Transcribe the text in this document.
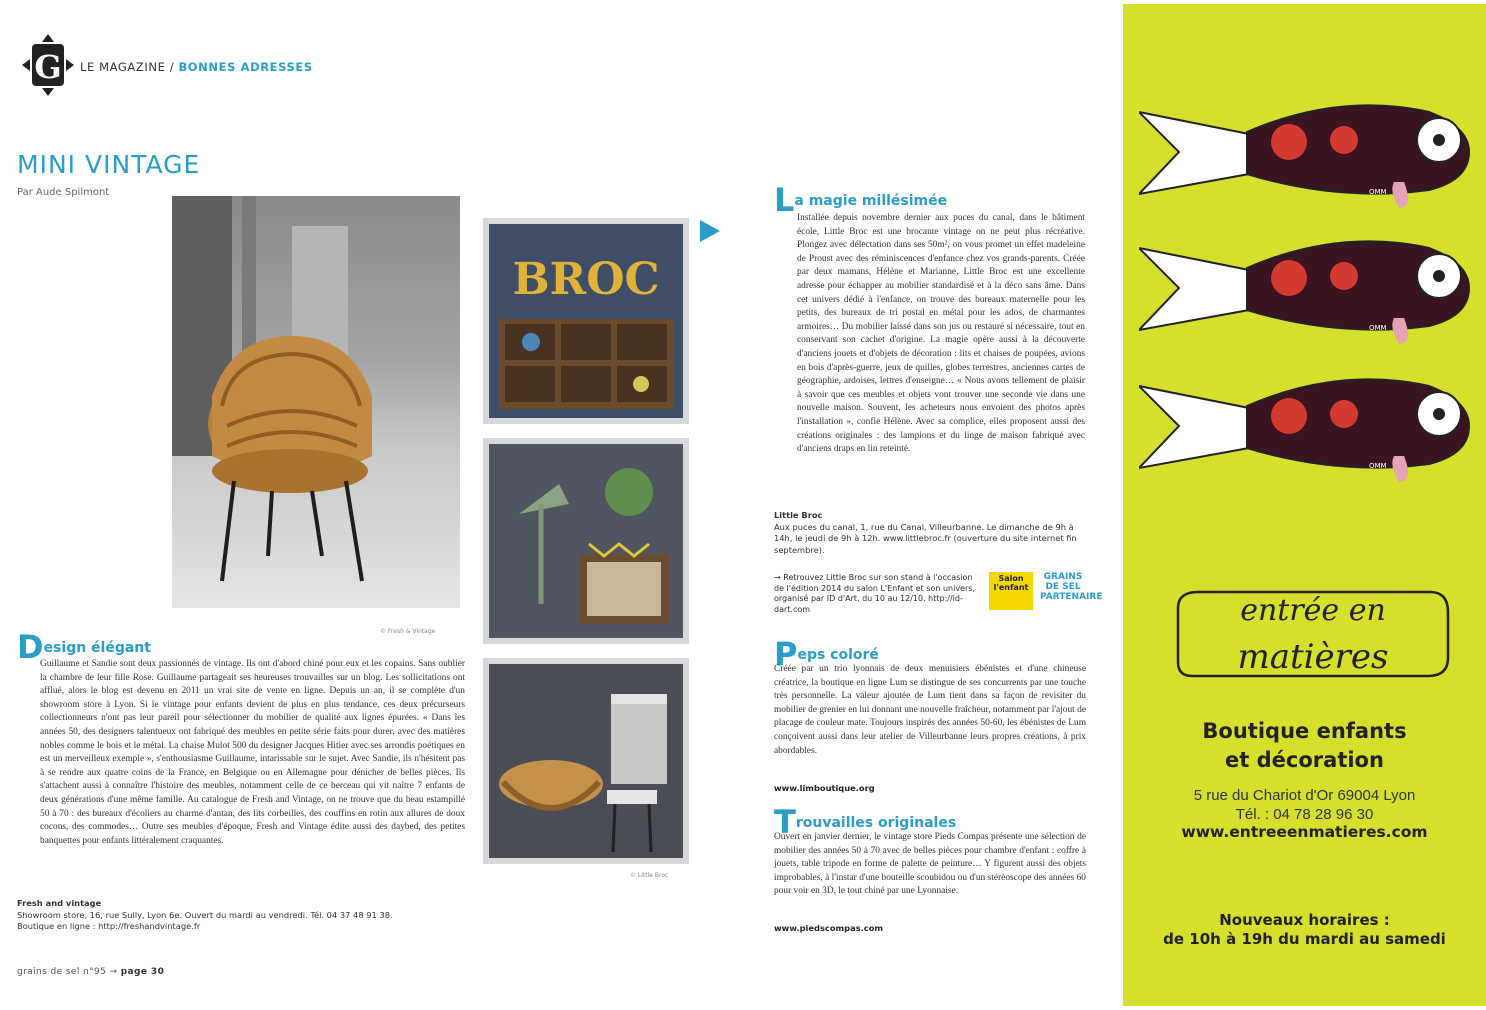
G LE MAGAZINE / BONNES ADRESSES
MINI VINTAGE
Par Aude Spilmont
© Fresh & Vintage
BROC
© Little Broc
Design élégant
Guillaume et Sandie sont deux passionnés de vintage. Ils ont d'abord chiné pour eux et les copains. Sans oublier la chambre de leur fille Rose. Guillaume partageait ses heureuses trouvailles sur un blog. Les sollicitations ont afflué, alors le blog est devenu en 2011 un vrai site de vente en ligne. Depuis un an, il se complète d'un showroom store à Lyon. Si le vintage pour enfants devient de plus en plus tendance, ces deux précurseurs collectionneurs n'ont pas leur pareil pour sélectionner du mobilier de qualité aux lignes épurées. « Dans les années 50, des designers talentueux ont fabriqué des meubles en petite série faits pour durer, avec des matières nobles comme le bois et le métal. La chaise Mulot 500 du designer Jacques Hitier avec ses arrondis poétiques en est un merveilleux exemple », s'enthousiasme Guillaume, intarissable sur le sujet. Avec Sandie, ils n'hésitent pas à se rendre aux quatre coins de la France, en Belgique ou en Allemagne pour dénicher de belles pièces. Ils s'attachent aussi à connaître l'histoire des meubles, notamment celle de ce berceau qui vit naître 7 enfants de deux générations d'une même famille. Au catalogue de Fresh and Vintage, on ne trouve que du beau estampillé 50 à 70 : des bureaux d'écoliers au charme d'antan, des lits corbeilles, des couffins en rotin aux allures de doux cocons, des commodes… Outre ses meubles d'époque, Fresh and Vintage édite aussi des daybed, des petites banquettes pour enfants littéralement craquantes.
Fresh and vintage
Showroom store, 16, rue Sully, Lyon 6e. Ouvert du mardi au vendredi. Tél. 04 37 48 91 38.
Boutique en ligne : http://freshandvintage.fr
La magie millésimée
Installée depuis novembre dernier aux puces du canal, dans le bâtiment école, Little Broc est une brocante vintage on ne peut plus récréative. Plongez avec délectation dans ses 50m², on vous promet un effet madeleine de Proust avec des réminiscences d'enfance chez vos grands-parents. Créée par deux mamans, Hélène et Marianne, Little Broc est une excellente adresse pour échapper au mobilier standardisé et à la déco sans âme. Dans cet univers dédié à l'enfance, on trouve des bureaux maternelle pour les petits, des bureaux de tri postal en métal pour les ados, de charmantes armoires… Du mobilier laissé dans son jus ou restauré si nécessaire, tout en conservant son cachet d'origine. La magie opère aussi à la découverte d'anciens jouets et d'objets de décoration : lits et chaises de poupées, avions en bois d'après-guerre, jeux de quilles, globes terrestres, anciennes cartes de géographie, ardoises, lettres d'enseigne… « Nous avons tellement de plaisir à savoir que ces meubles et objets vont trouver une seconde vie dans une nouvelle maison. Souvent, les acheteurs nous envoient des photos après l'installation », confie Hélène. Avec sa complice, elles proposent aussi des créations originales : des lampions et du linge de maison fabriqué avec d'anciens draps en lin reteinté.
Little Broc
Aux puces du canal, 1, rue du Canal, Villeurbanne. Le dimanche de 9h à 14h, le jeudi de 9h à 12h. www.littlebroc.fr (ouverture du site internet fin septembre).
→ Retrouvez Little Broc sur son stand à l'occasion de l'édition 2014 du salon L'Enfant et son univers, organisé par ID d'Art, du 10 au 12/10. http://id-dart.com
Salon l'enfant
GRAINS DE SEL PARTENAIRE
Peps coloré
Créée par un trio lyonnais de deux menuisiers ébénistes et d'une chineuse créatrice, la boutique en ligne Lum se distingue de ses concurrents par une touche très personnelle. La valeur ajoutée de Lum tient dans sa façon de revisiter du mobilier de grenier en lui donnant une nouvelle fraîcheur, notamment par l'ajout de placage de couleur mate. Toujours inspirés des années 50-60, les ébénistes de Lum conçoivent aussi dans leur atelier de Villeurbanne leurs propres créations, à prix abordables.
www.limboutique.org
Trouvailles originales
Ouvert en janvier dernier, le vintage store Pieds Compas présente une sélection de mobilier des années 50 à 70 avec de belles pièces pour chambre d'enfant : coffre à jouets, table tripode en forme de palette de peinture… Y figurent aussi des objets improbables, à l'instar d'une bouteille scoubidou ou d'un stéréoscope des années 60 pour voir en 3D, le tout chiné par une Lyonnaise.
www.piedscompas.com
grains de sel n°95 → page 30
OMM
OMM
OMM
entrée en
matières
Boutique enfants
et décoration
5 rue du Chariot d'Or 69004 Lyon
Tél. : 04 78 28 96 30
www.entreeenmatieres.com
Nouveaux horaires :
de 10h à 19h du mardi au samedi
